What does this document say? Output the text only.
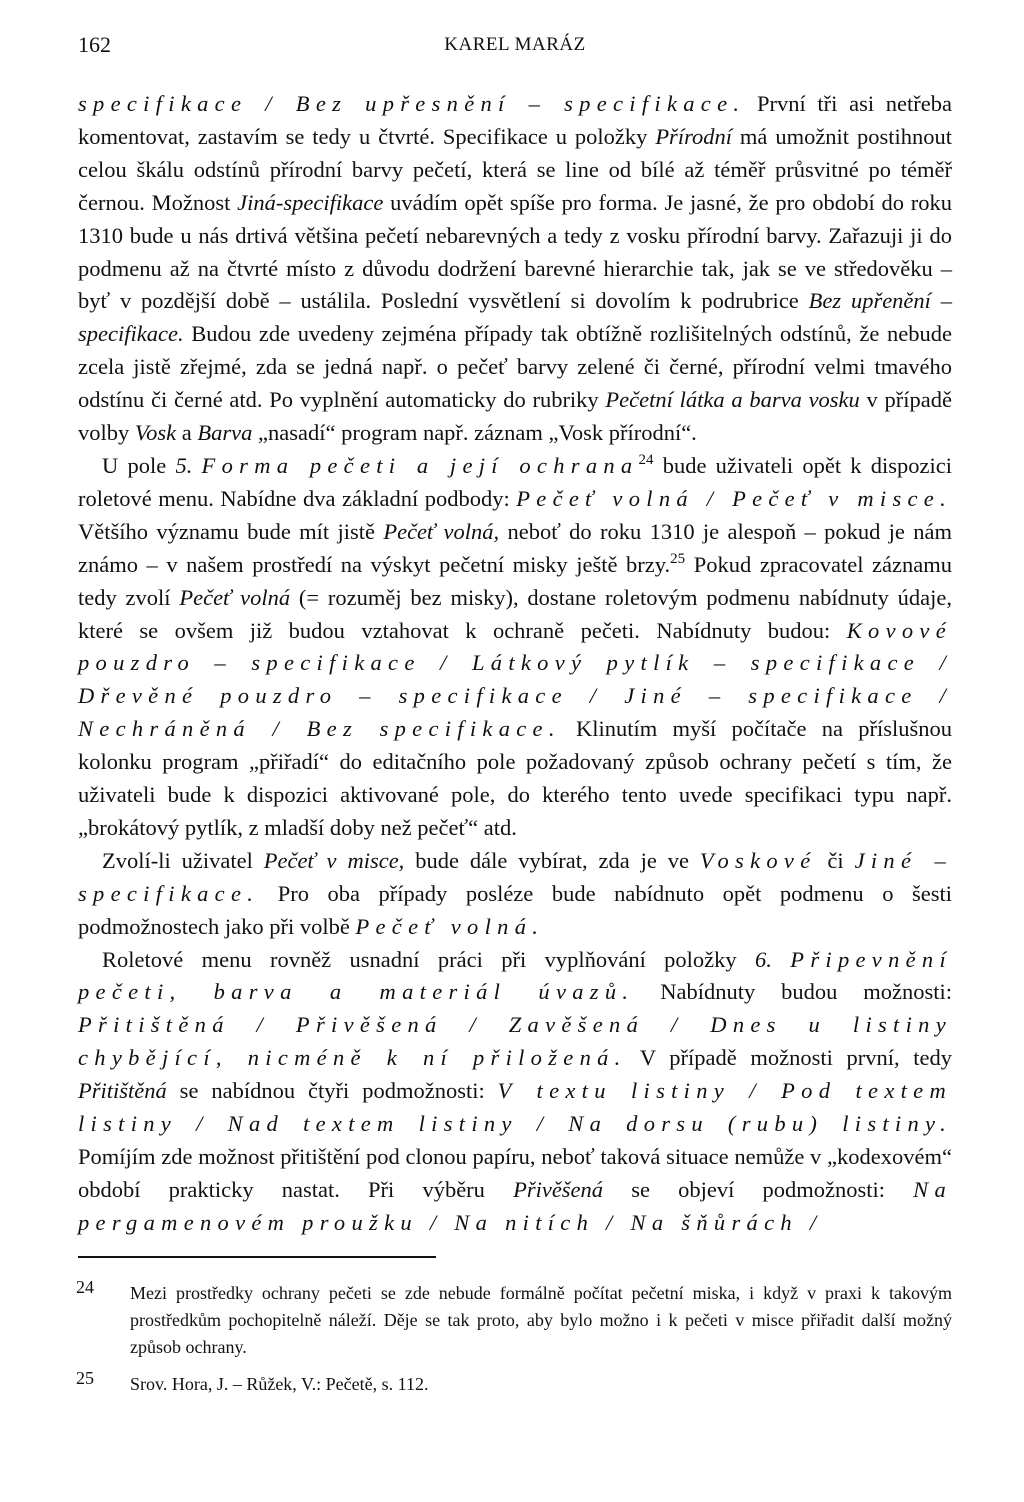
162	KAREL MARÁZ

specifikace / Bez upřesnění – specifikace. První tři asi netřeba komentovat, zastavím se tedy u čtvrté. Specifikace u položky Přírodní má umožnit postihnout celou škálu odstínů přírodní barvy pečetí, která se line od bílé až téměř průsvitné po téměř černou. Možnost Jiná-specifikace uvádím opět spíše pro forma. Je jasné, že pro období do roku 1310 bude u nás drtivá většina pečetí nebarevných a tedy z vosku přírodní barvy. Zařazuji ji do podmenu až na čtvrté místo z důvodu dodržení barevné hierarchie tak, jak se ve středověku – byť v pozdější době – ustálila. Poslední vysvětlení si dovolím k podrubrice Bez upřenění – specifikace. Budou zde uvedeny zejména případy tak obtížně rozlišitelných odstínů, že nebude zcela jistě zřejmé, zda se jedná např. o pečeť barvy zelené či černé, přírodní velmi tmavého odstínu či černé atd. Po vyplnění automaticky do rubriky Pečetní látka a barva vosku v případě volby Vosk a Barva „nasadí“ program např. záznam „Vosk přírodní“.

U pole 5. Forma pečeti a její ochrana$^{24}$ bude uživateli opět k dispozici roletové menu. Nabídne dva základní podbody: Pečeť volná / Pečeť v misce. Většího významu bude mít jistě Pečeť volná, neboť do roku 1310 je alespoň – pokud je nám známo – v našem prostředí na výskyt pečetní misky ještě brzy.$^{25}$ Pokud zpracovatel záznamu tedy zvolí Pečeť volná (= rozuměj bez misky), dostane roletovým podmenu nabídnuty údaje, které se ovšem již budou vztahovat k ochraně pečeti. Nabídnuty budou: Kovové pouzdro – specifikace / Látkový pytlík – specifikace / Dřevěné pouzdro – specifikace / Jiné – specifikace / Nechráněná / Bez specifikace. Klinutím myší počítače na příslušnou kolonku program „přiřadí“ do editačního pole požadovaný způsob ochrany pečetí s tím, že uživateli bude k dispozici aktivované pole, do kterého tento uvede specifikaci typu např. „brokátový pytlík, z mladší doby než pečeť“ atd.

Zvolí-li uživatel Pečeť v misce, bude dále vybírat, zda je ve Voskové či Jiné – specifikace. Pro oba případy posléze bude nabídnuto opět podmenu o šesti podmožnostech jako při volbě Pečeť volná.

Roletové menu rovněž usnadní práci při vyplňování položky 6. Připevnění pečeti, barva a materiál úvazů. Nabídnuty budou možnosti: Přitištěná / Přivěšená / Zavěšená / Dnes u listiny chybějící, nicméně k ní přiložená. V případě možnosti první, tedy Přitištěná se nabídnou čtyři podmožnosti: V textu listiny / Pod textem listiny / Nad textem listiny / Na dorsu (rubu) listiny. Pomíjím zde možnost přitištění pod clonou papíru, neboť taková situace nemůže v „kodexovém“ období prakticky nastat. Při výběru Přivěšená se objeví podmožnosti: Na pergamenovém proužku / Na nitích / Na šňůrách /

24 Mezi prostředky ochrany pečeti se zde nebude formálně počítat pečetní miska, i když v praxi k takovým prostředkům pochopitelně náleží. Děje se tak proto, aby bylo možno i k pečeti v misce přiřadit další možný způsob ochrany.
25 Srov. Hora, J. – Růžek, V.: Pečetě, s. 112.
